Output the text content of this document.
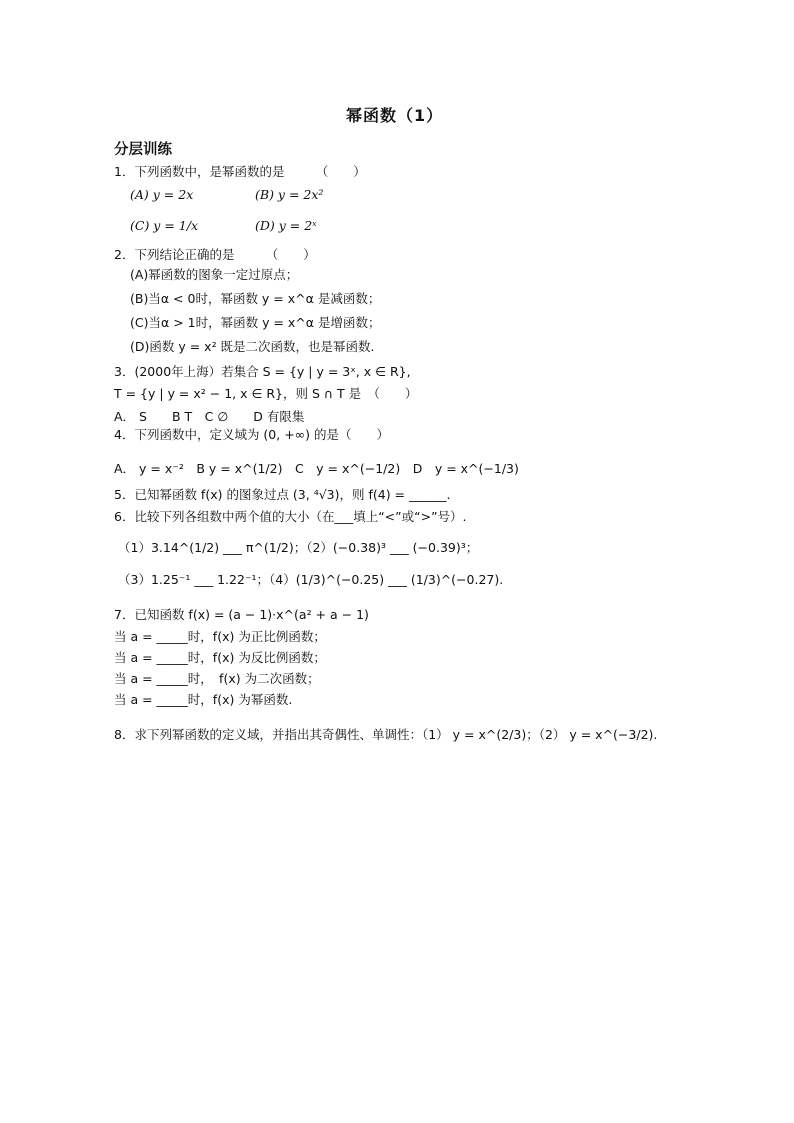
幂函数（1）
分层训练
1．下列函数中，是幂函数的是　　　（　　）
(A) y = 2x	(B) y = 2x²
(C) y = 1/x	(D) y = 2ˣ
2．下列结论正确的是　　　（　　）
(A)幂函数的图象一定过原点；
(B)当α < 0时，幂函数 y = x^α 是减函数；
(C)当α > 1时，幂函数 y = x^α 是增函数；
(D)函数 y = x² 既是二次函数，也是幂函数.
3．(2000年上海）若集合 S = {y | y = 3ˣ, x ∈ R},
T = {y | y = x² − 1, x ∈ R}，则 S ∩ T 是　（　　）
A． S　　B T　C ∅　　D 有限集
4．下列函数中，定义域为 (0, +∞) 的是（　　）
A． y = x⁻²　B y = x^(1/2)　C　y = x^(−1/2)　D　y = x^(−1/3)
5．已知幂函数 f(x) 的图象过点 (3, ⁴√3)，则 f(4) = ______.
6．比较下列各组数中两个值的大小（在___填上“<”或“>”号）.
（1）3.14^(1/2) ___ π^(1/2)；（2）(−0.38)³ ___ (−0.39)³；
（3）1.25⁻¹ ___ 1.22⁻¹；（4）(1/3)^(−0.25) ___ (1/3)^(−0.27).
7．已知函数 f(x) = (a − 1)·x^(a² + a − 1)
当 a = _____时，f(x) 为正比例函数；
当 a = _____时，f(x) 为反比例函数；
当 a = _____时，　f(x) 为二次函数；
当 a = _____时，f(x) 为幂函数.
8．求下列幂函数的定义域，并指出其奇偶性、单调性：（1） y = x^(2/3)；（2） y = x^(−3/2).
